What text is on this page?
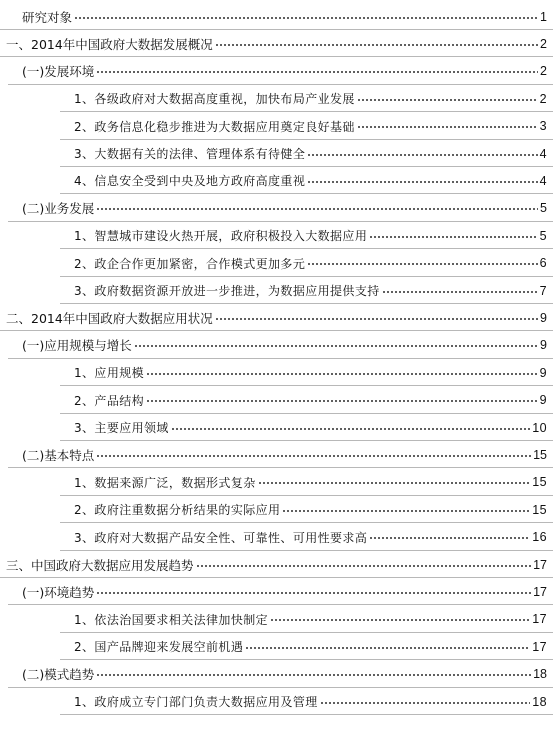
研究对象	1
一、2014年中国政府大数据发展概况	2
(一)发展环境	2
1、各级政府对大数据高度重视，加快布局产业发展	2
2、政务信息化稳步推进为大数据应用奠定良好基础	3
3、大数据有关的法律、管理体系有待健全	4
4、信息安全受到中央及地方政府高度重视	4
(二)业务发展	5
1、智慧城市建设火热开展，政府积极投入大数据应用	5
2、政企合作更加紧密，合作模式更加多元	6
3、政府数据资源开放进一步推进，为数据应用提供支持	7
二、2014年中国政府大数据应用状况	9
(一)应用规模与增长	9
1、应用规模	9
2、产品结构	9
3、主要应用领域	10
(二)基本特点	15
1、数据来源广泛，数据形式复杂	15
2、政府注重数据分析结果的实际应用	15
3、政府对大数据产品安全性、可靠性、可用性要求高	16
三、中国政府大数据应用发展趋势	17
(一)环境趋势	17
1、依法治国要求相关法律加快制定	17
2、国产品牌迎来发展空前机遇	17
(二)模式趋势	18
1、政府成立专门部门负责大数据应用及管理	18
